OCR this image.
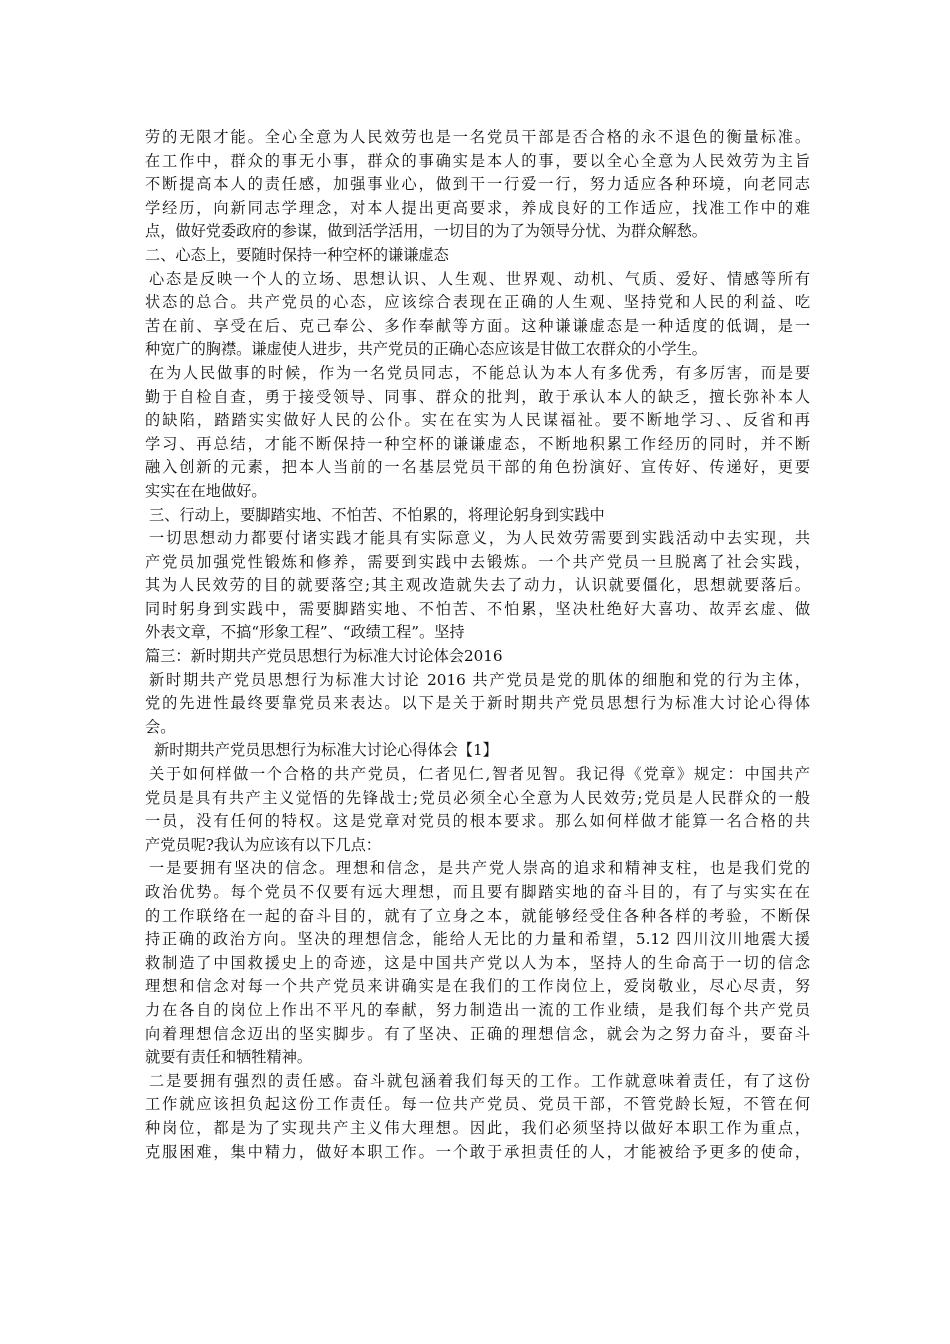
劳的无限才能。全心全意为人民效劳也是一名党员干部是否合格的永不退色的衡量标准。
在工作中，群众的事无小事，群众的事确实是本人的事，要以全心全意为人民效劳为主旨
不断提高本人的责任感，加强事业心，做到干一行爱一行，努力适应各种环境，向老同志
学经历，向新同志学理念，对本人提出更高要求，养成良好的工作适应，找准工作中的难
点，做好党委政府的参谋，做到活学活用，一切目的为了为领导分忧、为群众解愁。
二、心态上，要随时保持一种空杯的谦谦虚态
心态是反映一个人的立场、思想认识、人生观、世界观、动机、气质、爱好、情感等所有
状态的总合。共产党员的心态，应该综合表现在正确的人生观、坚持党和人民的利益、吃
苦在前、享受在后、克己奉公、多作奉献等方面。这种谦谦虚态是一种适度的低调，是一
种宽广的胸襟。谦虚使人进步，共产党员的正确心态应该是甘做工农群众的小学生。
在为人民做事的时候，作为一名党员同志，不能总认为本人有多优秀，有多厉害，而是要
勤于自检自查，勇于接受领导、同事、群众的批判，敢于承认本人的缺乏，擅长弥补本人
的缺陷，踏踏实实做好人民的公仆。实在在实为人民谋福祉。要不断地学习、、反省和再
学习、再总结，才能不断保持一种空杯的谦谦虚态，不断地积累工作经历的同时，并不断
融入创新的元素，把本人当前的一名基层党员干部的角色扮演好、宣传好、传递好，更要
实实在在地做好。
三、行动上，要脚踏实地、不怕苦、不怕累的，将理论躬身到实践中
一切思想动力都要付诸实践才能具有实际意义，为人民效劳需要到实践活动中去实现，共
产党员加强党性锻炼和修养，需要到实践中去锻炼。一个共产党员一旦脱离了社会实践，
其为人民效劳的目的就要落空;其主观改造就失去了动力，认识就要僵化，思想就要落后。
同时躬身到实践中，需要脚踏实地、不怕苦、不怕累，坚决杜绝好大喜功、故弄玄虚、做
外表文章，不搞“形象工程”、“政绩工程”。坚持
篇三：新时期共产党员思想行为标准大讨论体会2016
新时期共产党员思想行为标准大讨论 2016 共产党员是党的肌体的细胞和党的行为主体，
党的先进性最终要靠党员来表达。以下是关于新时期共产党员思想行为标准大讨论心得体
会。
新时期共产党员思想行为标准大讨论心得体会【1】
关于如何样做一个合格的共产党员，仁者见仁,智者见智。我记得《党章》规定：中国共产
党员是具有共产主义觉悟的先锋战士;党员必须全心全意为人民效劳;党员是人民群众的一般
一员，没有任何的特权。这是党章对党员的根本要求。那么如何样做才能算一名合格的共
产党员呢?我认为应该有以下几点：
一是要拥有坚决的信念。理想和信念，是共产党人崇高的追求和精神支柱，也是我们党的
政治优势。每个党员不仅要有远大理想，而且要有脚踏实地的奋斗目的，有了与实实在在
的工作联络在一起的奋斗目的，就有了立身之本，就能够经受住各种各样的考验，不断保
持正确的政治方向。坚决的理想信念，能给人无比的力量和希望，5.12 四川汶川地震大援
救制造了中国救援史上的奇迹，这是中国共产党以人为本，坚持人的生命高于一切的信念
理想和信念对每一个共产党员来讲确实是在我们的工作岗位上，爱岗敬业，尽心尽责，努
力在各自的岗位上作出不平凡的奉献，努力制造出一流的工作业绩，是我们每个共产党员
向着理想信念迈出的坚实脚步。有了坚决、正确的理想信念，就会为之努力奋斗，要奋斗
就要有责任和牺牲精神。
二是要拥有强烈的责任感。奋斗就包涵着我们每天的工作。工作就意味着责任，有了这份
工作就应该担负起这份工作责任。每一位共产党员、党员干部，不管党龄长短，不管在何
种岗位，都是为了实现共产主义伟大理想。因此，我们必须坚持以做好本职工作为重点，
克服困难，集中精力，做好本职工作。一个敢于承担责任的人，才能被给予更多的使命，
